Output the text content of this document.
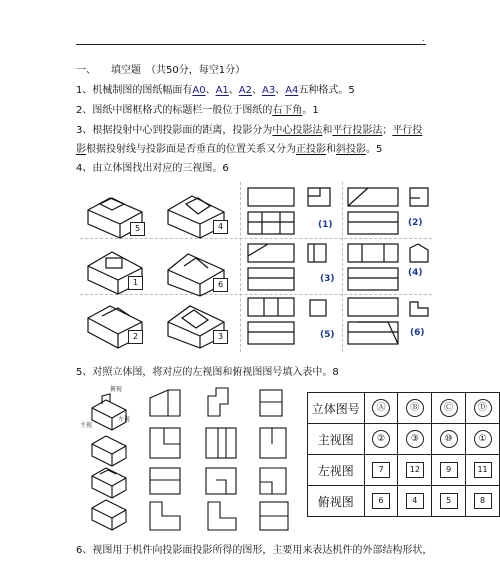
.
一、　　填空题　（共50分，每空1分）
1、机械制图的图纸幅面有A0、A1、A2、A3、A4五种格式。5
2、图纸中图框格式的标题栏一般位于图纸的右下角。1
3、根据投射中心到投影面的距离，投影分为中心投影法和平行投影法；平行投
影根据投射线与投影面是否垂直的位置关系又分为正投影和斜投影。5
4、由立体图找出对应的三视图。6
5	4
1	6
2	3
(1)	(2)
(3)
(4)
(5)	(6)
5、对照立体图，将对应的左视图和俯视图图号填入表中。8
俯视
主视
左视
立体图号	Ⓐ	Ⓑ	Ⓒ	Ⓓ
主视图	②	③	⑩	①
左视图	7	12	9	11
俯视图	6	4	5	8
6、视图用于机件向投影面投影所得的图形，主要用来表达机件的外部结构形状，
